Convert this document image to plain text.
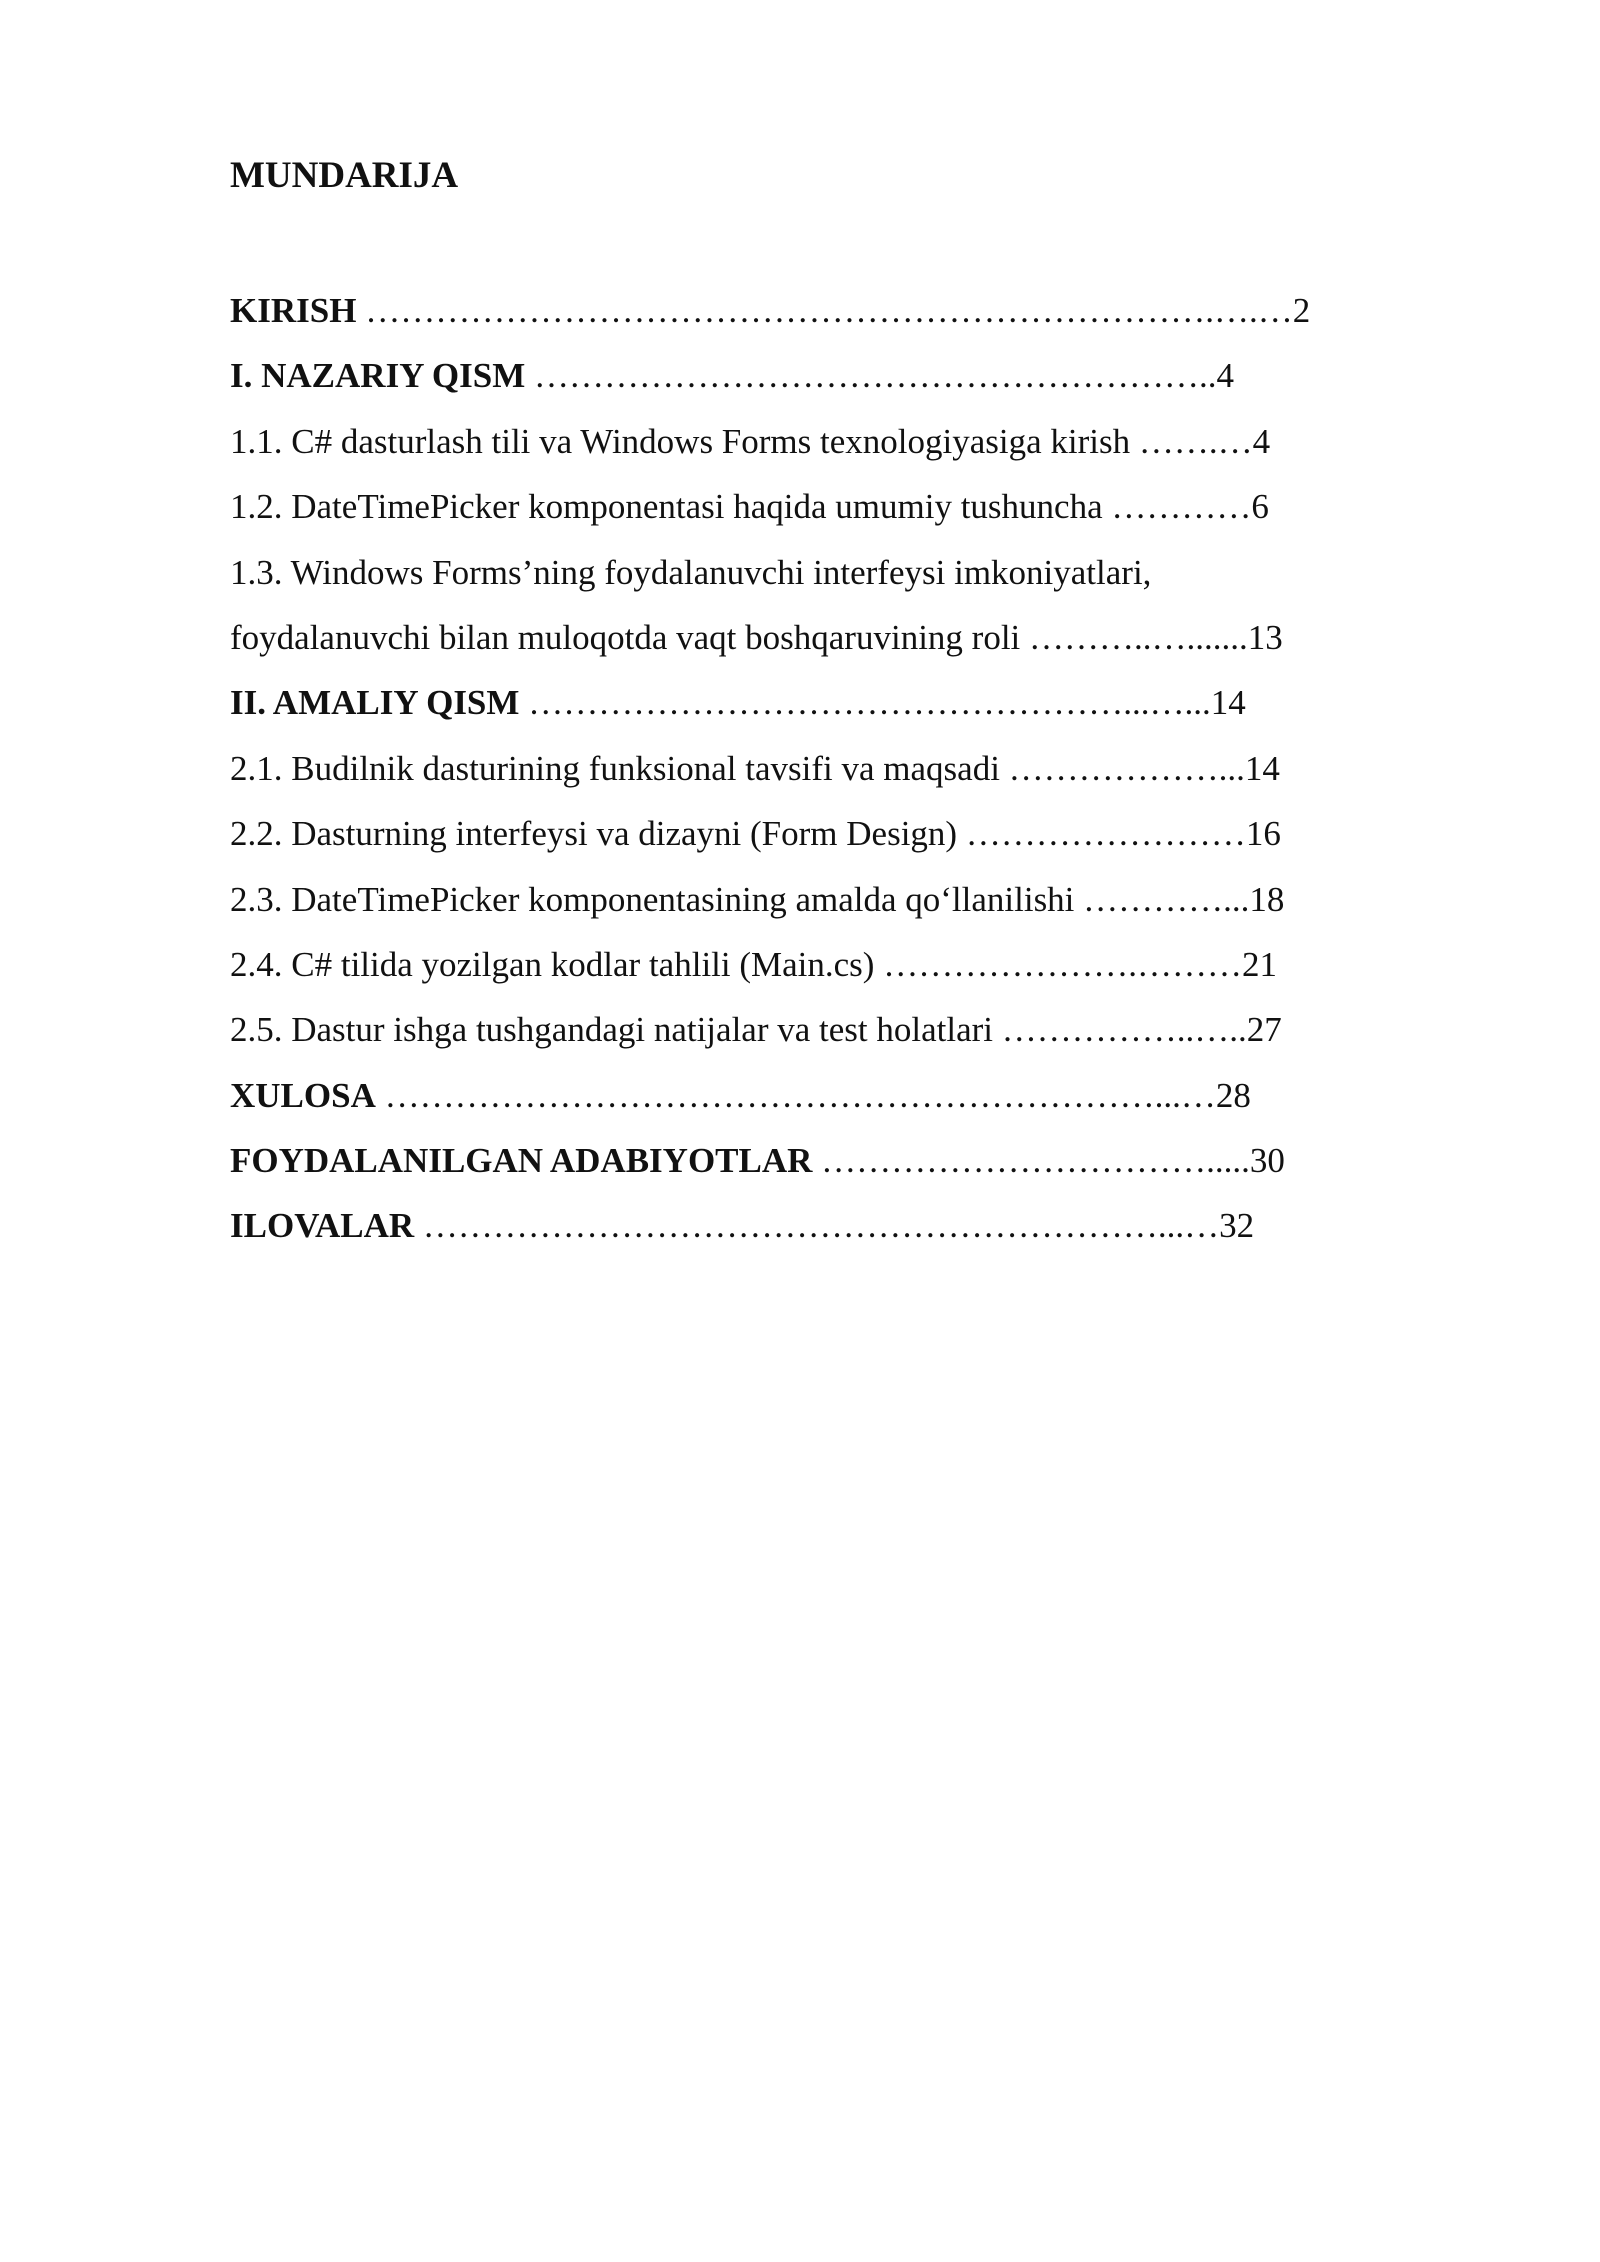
MUNDARIJA
KIRISH ……………………………………………………………….….…2
I. NAZARIY QISM …………………………………………………..4
1.1. C# dasturlash tili va Windows Forms texnologiyasiga kirish …….…4
1.2. DateTimePicker komponentasi haqida umumiy tushuncha …………6
1.3. Windows Forms’ning foydalanuvchi interfeysi imkoniyatlari,
foydalanuvchi bilan muloqotda vaqt boshqaruvining roli ………..….......13
II. AMALIY QISM ……………………………………………...…...14
2.1. Budilnik dasturining funksional tavsifi va maqsadi ………………...14
2.2. Dasturning interfeysi va dizayni (Form Design) ……………………16
2.3. DateTimePicker komponentasining amalda qo‘llanilishi …………...18
2.4. C# tilida yozilgan kodlar tahlili (Main.cs) ………………….………21
2.5. Dastur ishga tushgandagi natijalar va test holatlari ……………..…..27
XULOSA …………………………………………………………...…28
FOYDALANILGAN ADABIYOTLAR …………………………….....30
ILOVALAR ………………………………………………………...…32
